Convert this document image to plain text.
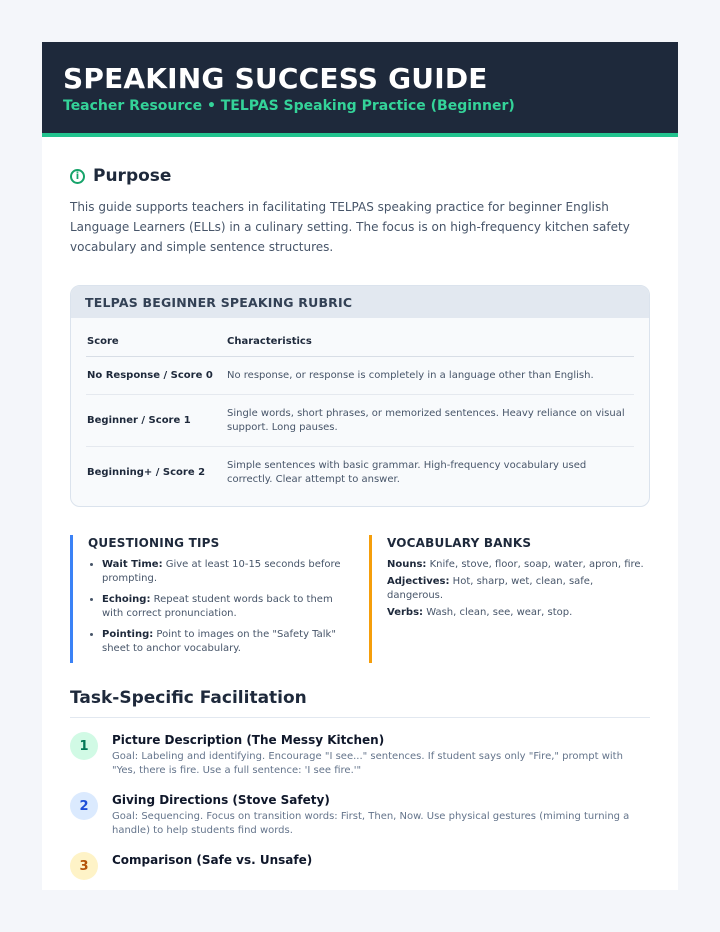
SPEAKING SUCCESS GUIDE
Teacher Resource • TELPAS Speaking Practice (Beginner)
i Purpose
This guide supports teachers in facilitating TELPAS speaking practice for beginner English Language Learners (ELLs) in a culinary setting. The focus is on high-frequency kitchen safety vocabulary and simple sentence structures.
TELPAS BEGINNER SPEAKING RUBRIC
Score	Characteristics
No Response / Score 0	No response, or response is completely in a language other than English.
Beginner / Score 1	Single words, short phrases, or memorized sentences. Heavy reliance on visual support. Long pauses.
Beginning+ / Score 2	Simple sentences with basic grammar. High-frequency vocabulary used correctly. Clear attempt to answer.
QUESTIONING TIPS
• Wait Time: Give at least 10-15 seconds before prompting.
• Echoing: Repeat student words back to them with correct pronunciation.
• Pointing: Point to images on the "Safety Talk" sheet to anchor vocabulary.
VOCABULARY BANKS

Nouns: Knife, stove, floor, soap, water, apron, fire.

Adjectives: Hot, sharp, wet, clean, safe, dangerous.

Verbs: Wash, clean, see, wear, stop.

Task-Specific Facilitation
1	Picture Description (The Messy Kitchen)
Goal: Labeling and identifying. Encourage "I see..." sentences. If student says only "Fire," prompt with "Yes, there is fire. Use a full sentence: 'I see fire.'"
2	Giving Directions (Stove Safety)
Goal: Sequencing. Focus on transition words: First, Then, Now. Use physical gestures (miming turning a handle) to help students find words.
3	Comparison (Safe vs. Unsafe)
